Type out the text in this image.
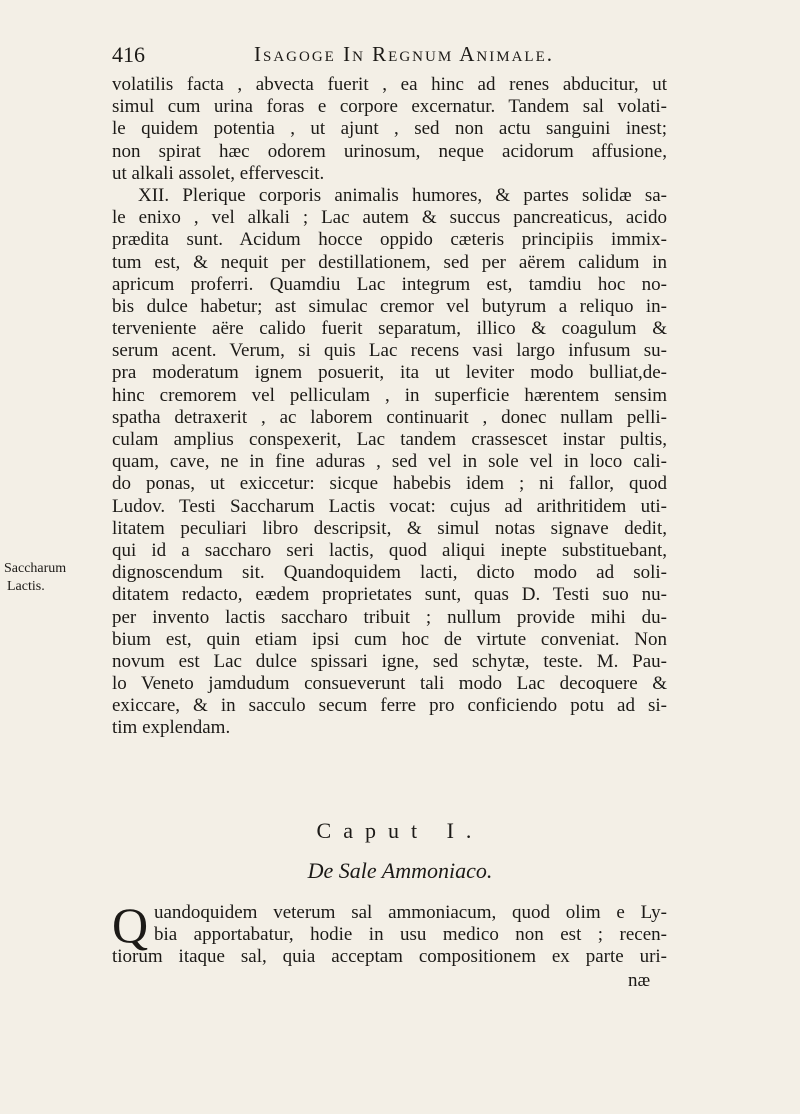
416	Isagoge In Regnum Animale.
Saccharum
Lactis.
volatilis facta , abvecta fuerit , ea hinc ad renes abducitur, ut
simul cum urina foras e corpore excernatur. Tandem sal volati-
le quidem potentia , ut ajunt , sed non actu sanguini inest;
non spirat hæc odorem urinosum, neque acidorum affusione,
ut alkali assolet, effervescit.
XII. Plerique corporis animalis humores, & partes solidæ sa-
le enixo , vel alkali ; Lac autem & succus pancreaticus, acido
prædita sunt. Acidum hocce oppido cæteris principiis immix-
tum est, & nequit per destillationem, sed per aërem calidum in
apricum proferri. Quamdiu Lac integrum est, tamdiu hoc no-
bis dulce habetur; ast simulac cremor vel butyrum a reliquo in-
terveniente aëre calido fuerit separatum, illico & coagulum &
serum acent. Verum, si quis Lac recens vasi largo infusum su-
pra moderatum ignem posuerit, ita ut leviter modo bulliat,de-
hinc cremorem vel pelliculam , in superficie hærentem sensim
spatha detraxerit , ac laborem continuarit , donec nullam pelli-
culam amplius conspexerit, Lac tandem crassescet instar pultis,
quam, cave, ne in fine aduras , sed vel in sole vel in loco cali-
do ponas, ut exiccetur: sicque habebis idem ; ni fallor, quod
Ludov. Testi Saccharum Lactis vocat: cujus ad arithritidem uti-
litatem peculiari libro descripsit, & simul notas signave dedit,
qui id a saccharo seri lactis, quod aliqui inepte substituebant,
dignoscendum sit. Quandoquidem lacti, dicto modo ad soli-
ditatem redacto, eædem proprietates sunt, quas D. Testi suo nu-
per invento lactis saccharo tribuit ; nullum provide mihi du-
bium est, quin etiam ipsi cum hoc de virtute conveniat. Non
novum est Lac dulce spissari igne, sed schytæ, teste. M. Pau-
lo Veneto jamdudum consueverunt tali modo Lac decoquere &
exiccare, & in sacculo secum ferre pro conficiendo potu ad si-
tim explendam.
Caput I.
De Sale Ammoniaco.
Q uandoquidem veterum sal ammoniacum, quod olim e Ly-
bia apportabatur, hodie in usu medico non est ; recen-
tiorum itaque sal, quia acceptam compositionem ex parte uri-
næ
